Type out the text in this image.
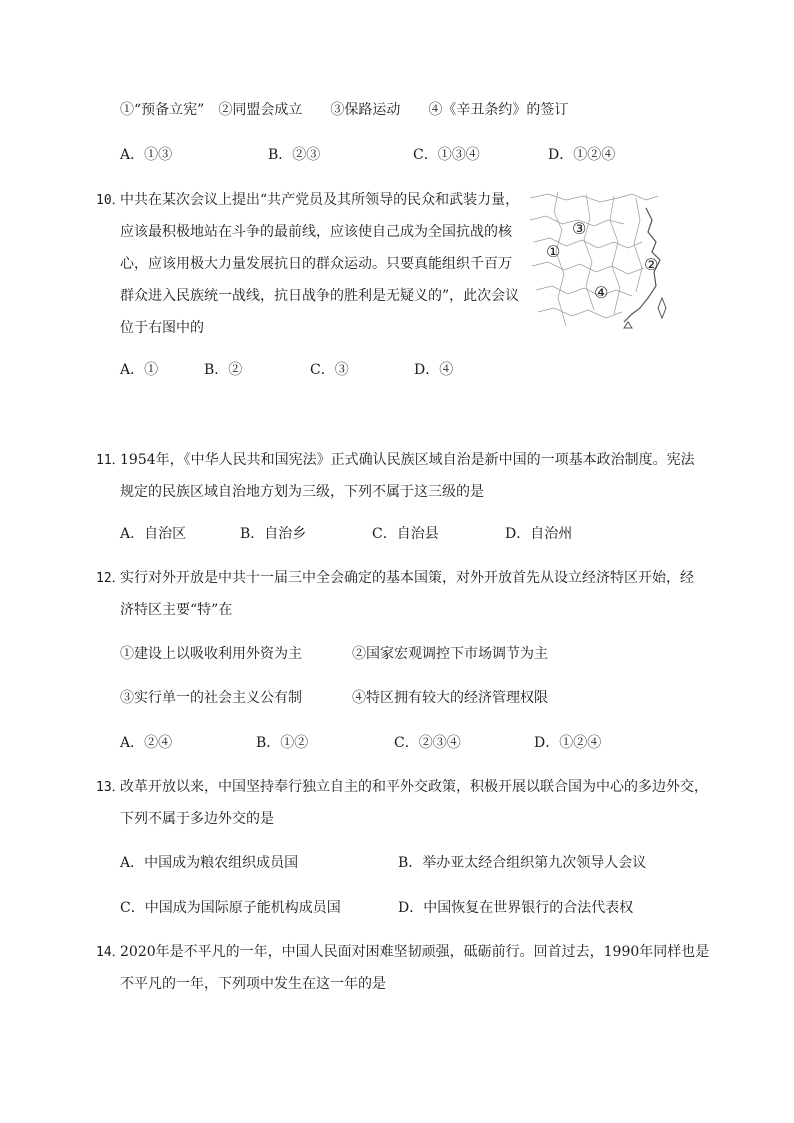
①“预备立宪”　②同盟会成立　　③保路运动　　④《辛丑条约》的签订
A．①③	B．②③	C．①③④	D．①②④
10．
中共在某次会议上提出“共产党员及其所领导的民众和武装力量，
应该最积极地站在斗争的最前线，应该使自己成为全国抗战的核
心，应该用极大力量发展抗日的群众运动。只要真能组织千百万
群众进入民族统一战线，抗日战争的胜利是无疑义的”，此次会议
位于右图中的
③
①
②
④
A．①	B．②	C．③	D．④
11．
1954年，《中华人民共和国宪法》正式确认民族区域自治是新中国的一项基本政治制度。宪法
规定的民族区域自治地方划为三级，下列不属于这三级的是
A．自治区	B．自治乡	C．自治县	D．自治州
12．
实行对外开放是中共十一届三中全会确定的基本国策，对外开放首先从设立经济特区开始，经
济特区主要“特”在
①建设上以吸收利用外资为主	②国家宏观调控下市场调节为主
③实行单一的社会主义公有制	④特区拥有较大的经济管理权限
A．②④	B．①②	C．②③④	D．①②④
13．
改革开放以来，中国坚持奉行独立自主的和平外交政策，积极开展以联合国为中心的多边外交，
下列不属于多边外交的是
A．中国成为粮农组织成员国	B．举办亚太经合组织第九次领导人会议
C．中国成为国际原子能机构成员国	D．中国恢复在世界银行的合法代表权
14．
2020年是不平凡的一年，中国人民面对困难坚韧顽强，砥砺前行。回首过去，1990年同样也是
不平凡的一年，下列项中发生在这一年的是
